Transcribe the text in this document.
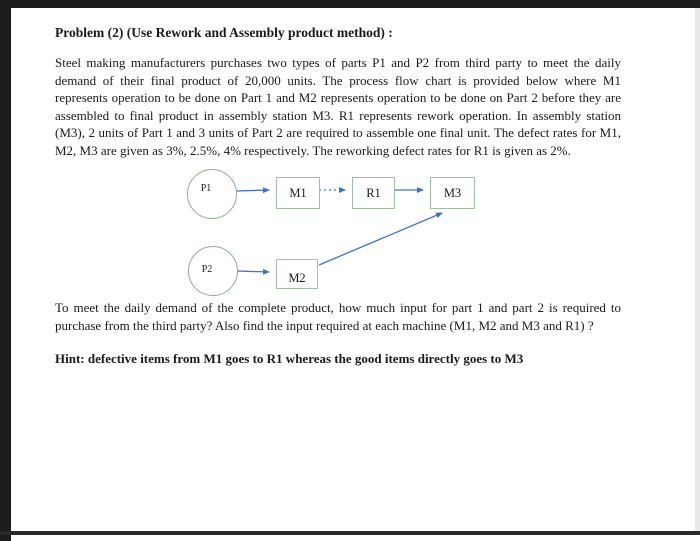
Problem (2) (Use Rework and Assembly product method) :

Steel making manufacturers purchases two types of parts P1 and P2 from third party to meet the daily demand of their final product of 20,000 units. The process flow chart is provided below where M1 represents operation to be done on Part 1 and M2 represents operation to be done on Part 2 before they are assembled to final product in assembly station M3. R1 represents rework operation. In assembly station (M3), 2 units of Part 1 and 3 units of Part 2 are required to assemble one final unit. The defect rates for M1, M2, M3 are given as 3%, 2.5%, 4% respectively. The reworking defect rates for R1 is given as 2%.

P1	M1	R1	M3
P2
M2

To meet the daily demand of the complete product, how much input for part 1 and part 2 is required to purchase from the third party? Also find the input required at each machine (M1, M2 and M3 and R1) ?

Hint: defective items from M1 goes to R1 whereas the good items directly goes to M3
